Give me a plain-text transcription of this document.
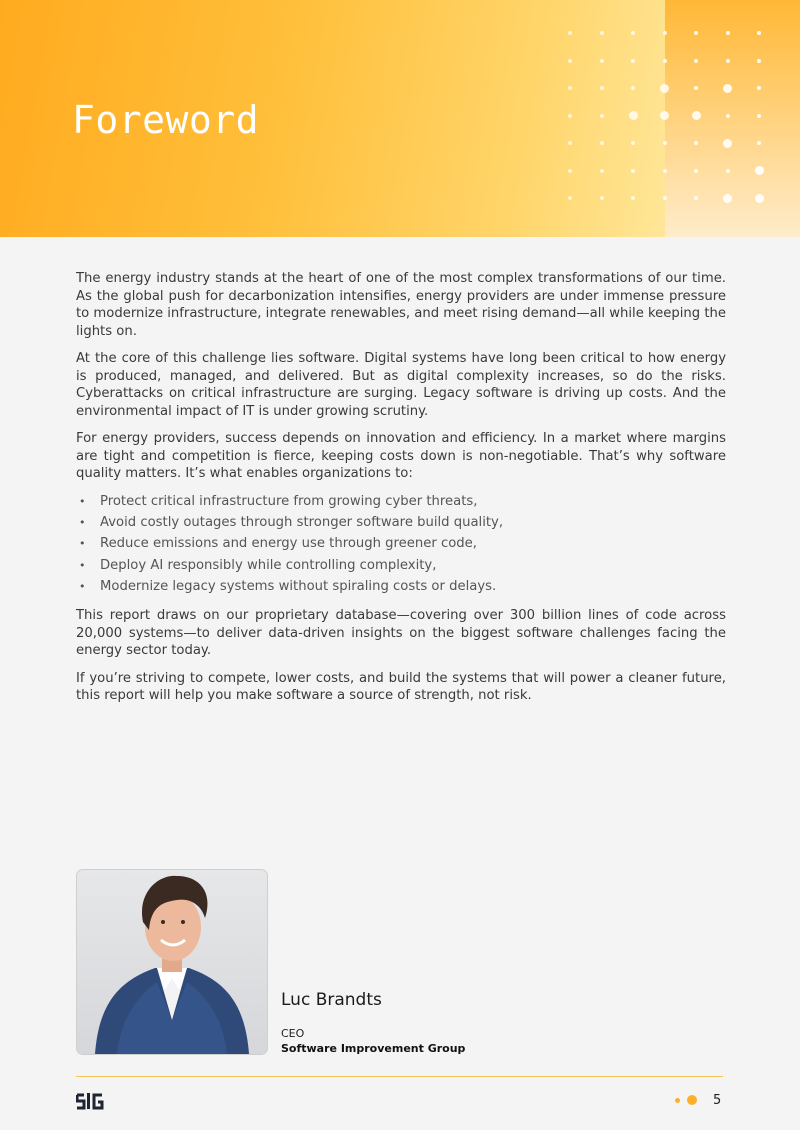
Foreword

The energy industry stands at the heart of one of the most complex transformations of our time. As the global push for decarbonization intensifies, energy providers are under immense pressure to modernize infrastructure, integrate renewables, and meet rising demand—all while keeping the lights on.

At the core of this challenge lies software. Digital systems have long been critical to how energy is produced, managed, and delivered. But as digital complexity increases, so do the risks. Cyberattacks on critical infrastructure are surging. Legacy software is driving up costs. And the environmental impact of IT is under growing scrutiny.

For energy providers, success depends on innovation and efficiency. In a market where margins are tight and competition is fierce, keeping costs down is non-negotiable. That’s why software quality matters. It’s what enables organizations to:

• Protect critical infrastructure from growing cyber threats,
• Avoid costly outages through stronger software build quality,
• Reduce emissions and energy use through greener code,
• Deploy AI responsibly while controlling complexity,
• Modernize legacy systems without spiraling costs or delays.

This report draws on our proprietary database—covering over 300 billion lines of code across 20,000 systems—to deliver data-driven insights on the biggest software challenges facing the energy sector today.

If you’re striving to compete, lower costs, and build the systems that will power a cleaner future, this report will help you make software a source of strength, not risk.

Luc Brandts
CEO
Software Improvement Group
5
